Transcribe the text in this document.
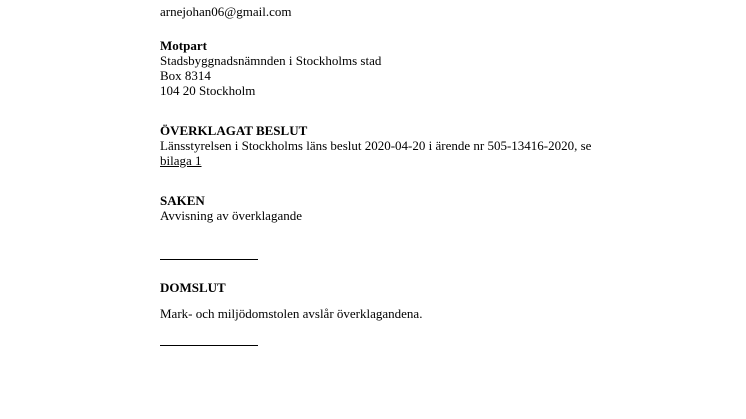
arnejohan06@gmail.com
Motpart
Stadsbyggnadsnämnden i Stockholms stad
Box 8314
104 20 Stockholm
ÖVERKLAGAT BESLUT
Länsstyrelsen i Stockholms läns beslut 2020-04-20 i ärende nr 505-13416-2020, se
bilaga 1
SAKEN
Avvisning av överklagande
DOMSLUT
Mark- och miljödomstolen avslår överklagandena.
